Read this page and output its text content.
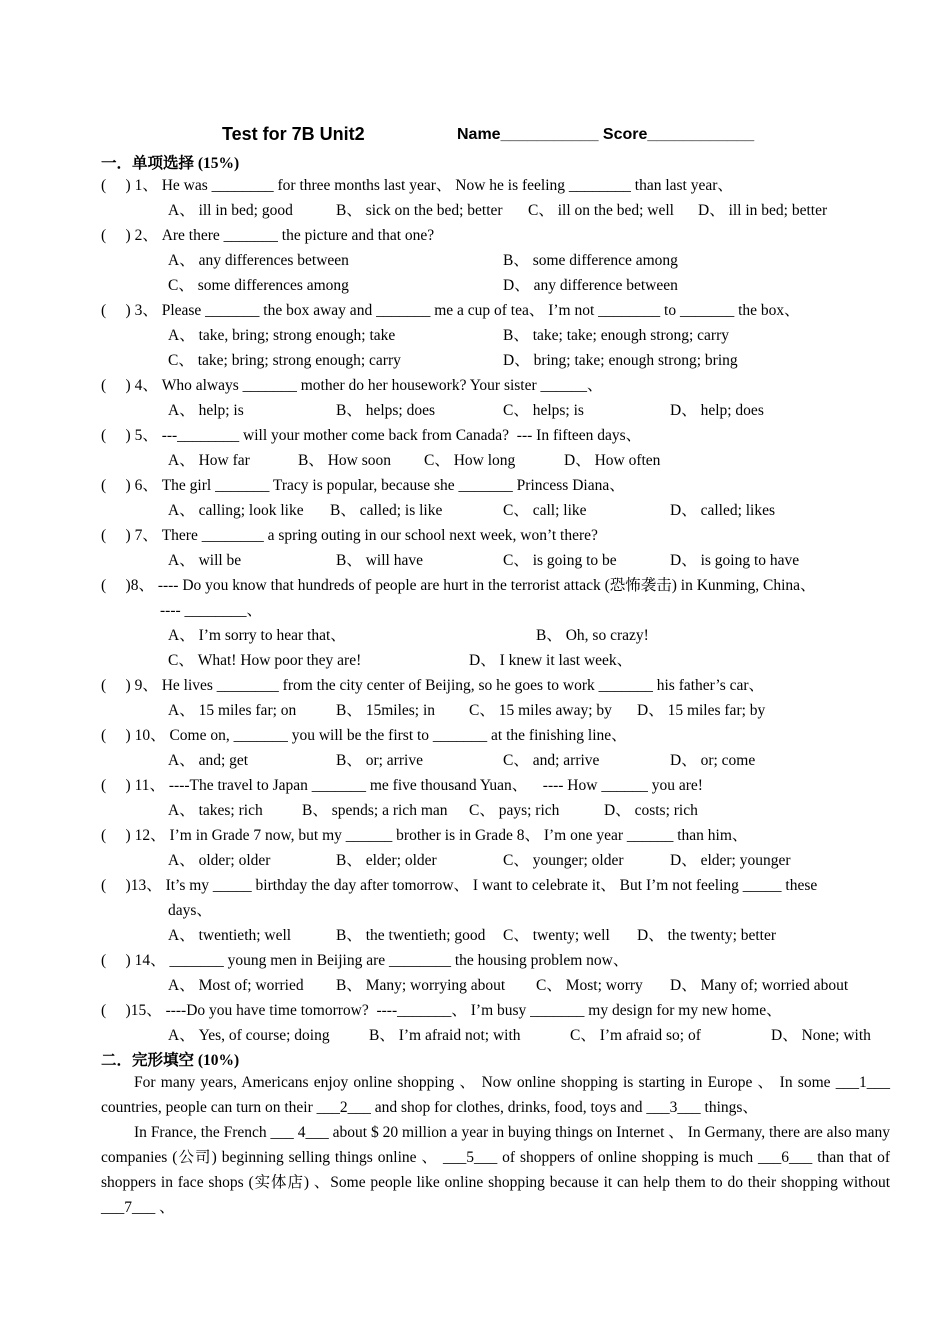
Test for 7B Unit2	Name___________ Score____________
一．单项选择 (15%)
(     ) 1、 He was ________ for three months last year、 Now he is feeling ________ than last year、
A、 ill in bed; good	B、 sick on the bed; better C、 ill on the bed; well D、 ill in bed; better
(     ) 2、 Are there _______ the picture and that one?
A、 any differences between	B、 some difference among
C、 some differences among	D、 any difference between
(     ) 3、 Please _______ the box away and _______ me a cup of tea、 I’m not ________ to _______ the box、
A、 take, bring; strong enough; take	B、 take; take; enough strong; carry
C、 take; bring; strong enough; carry	D、 bring; take; enough strong; bring
(     ) 4、 Who always _______ mother do her housework? Your sister ______、
A、 help; is	B、 helps; does	C、 helps; is	D、 help; does
(     ) 5、 ---________ will your mother come back from Canada?  --- In fifteen days、
A、 How far	B、 How soon C、 How long	D、 How often
(     ) 6、 The girl _______ Tracy is popular, because she _______ Princess Diana、
A、 calling; look like B、 called; is like	C、 call; like	D、 called; likes
(     ) 7、 There ________ a spring outing in our school next week, won’t there?
A、 will be	B、 will have	C、 is going to be	D、 is going to have
(     )8、 ---- Do you know that hundreds of people are hurt in the terrorist attack (恐怖袭击) in Kunming, China、
---- ________、
A、 I’m sorry to hear that、	B、 Oh, so crazy!
C、 What! How poor they are!	D、 I knew it last week、
(     ) 9、 He lives ________ from the city center of Beijing, so he goes to work _______ his father’s car、
A、 15 miles far; on	B、 15miles; in C、 15 miles away; by D、 15 miles far; by
(     ) 10、 Come on, _______ you will be the first to _______ at the finishing line、
A、 and; get	B、 or; arrive	C、 and; arrive	D、 or; come
(     ) 11、 ----The travel to Japan _______ me five thousand Yuan、    ---- How ______ you are!
A、 takes; rich	B、 spends; a rich man C、 pays; rich	D、 costs; rich
(     ) 12、 I’m in Grade 7 now, but my ______ brother is in Grade 8、 I’m one year ______ than him、
A、 older; older	B、 elder; older	C、 younger; older	D、 elder; younger
(     )13、 It’s my _____ birthday the day after tomorrow、 I want to celebrate it、 But I’m not feeling _____ these
days、
A、 twentieth; well	B、 the twentieth; good C、 twenty; well D、 the twenty; better
(     ) 14、 _______ young men in Beijing are ________ the housing problem now、
A、 Most of; worried B、 Many; worrying about C、 Most; worry D、 Many of; worried about
(     )15、 ----Do you have time tomorrow?  ----_______、 I’m busy _______ my design for my new home、
A、 Yes, of course; doing	B、 I’m afraid not; with	C、 I’m afraid so; of	D、 None; with
二．完形填空 (10%)

For many years, Americans enjoy online shopping 、 Now online shopping is starting in Europe 、 In some ___1___ countries, people can turn on their ___2___ and shop for clothes, drinks, food, toys and ___3___ things、

In France, the French ___ 4___ about $ 20 million a year in buying things on Internet 、 In Germany, there are also many companies (公司) beginning selling things online 、 ___5___ of shoppers of online shopping is much ___6___ than that of shoppers in face shops (实体店) 、Some people like online shopping because it can help them to do their shopping without ___7___ 、
